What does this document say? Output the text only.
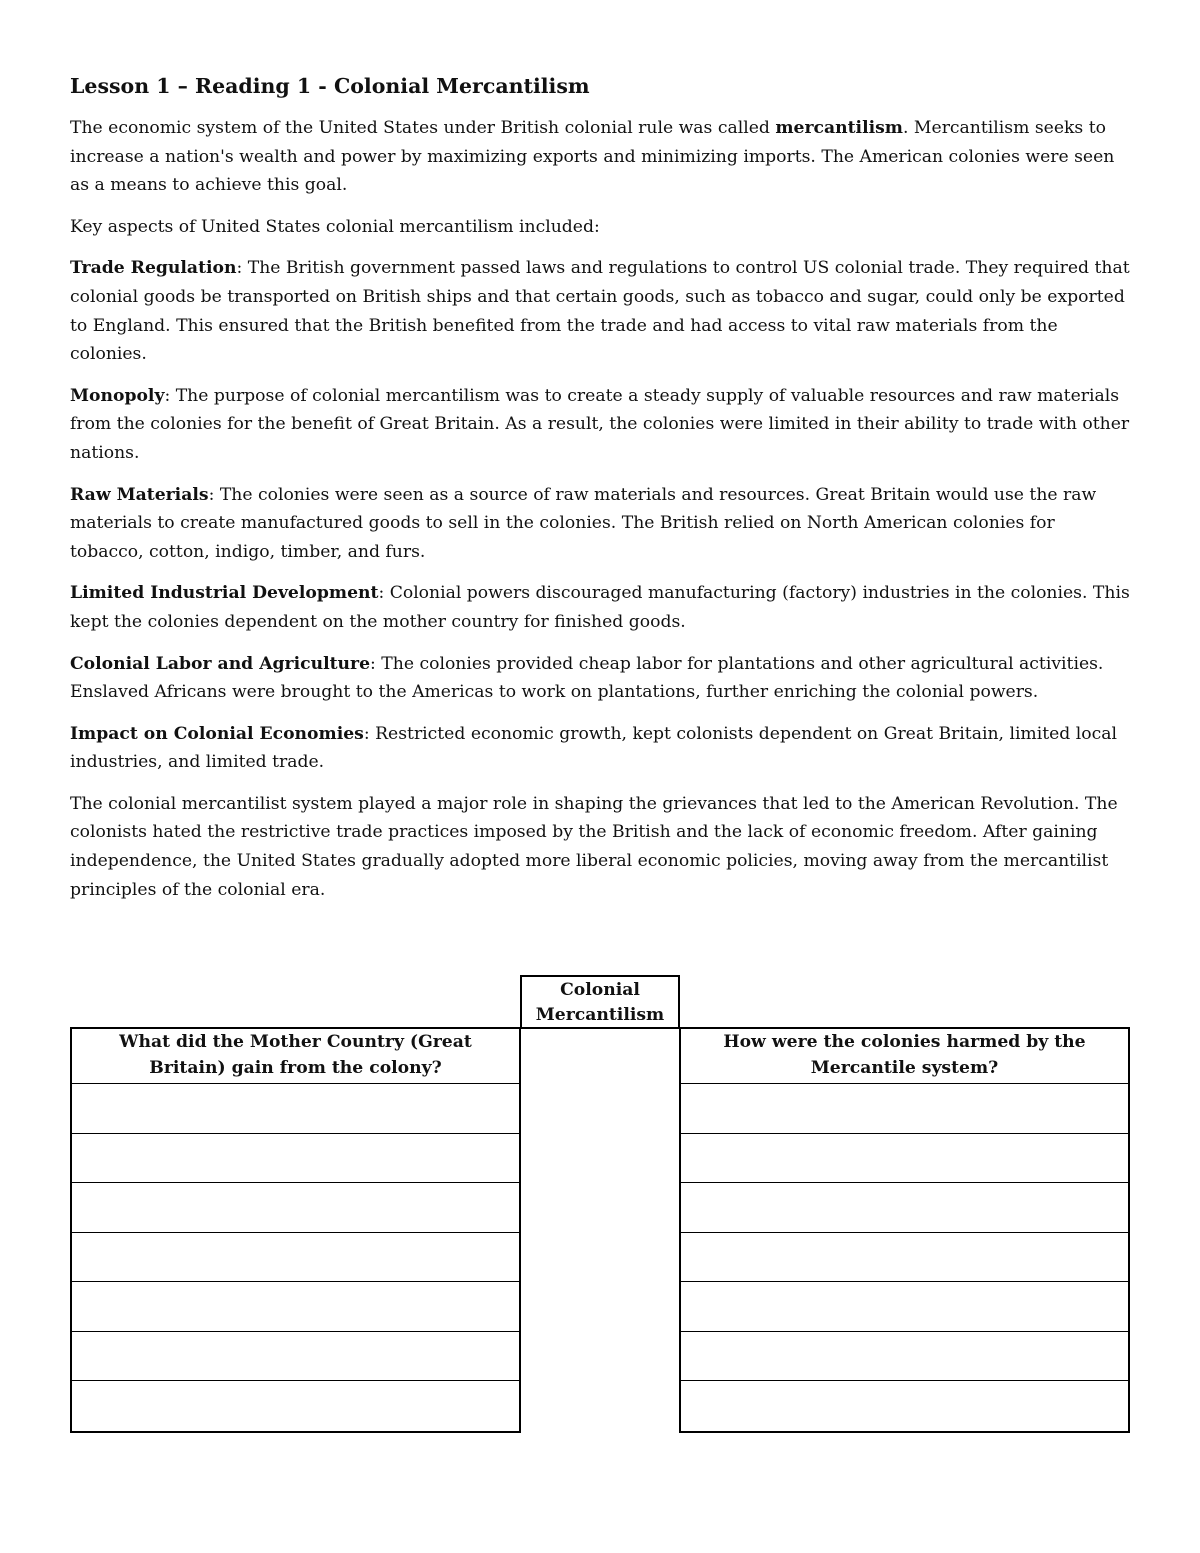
Lesson 1 – Reading 1 - Colonial Mercantilism

The economic system of the United States under British colonial rule was called mercantilism. Mercantilism seeks to increase a nation's wealth and power by maximizing exports and minimizing imports. The American colonies were seen as a means to achieve this goal.

Key aspects of United States colonial mercantilism included:

Trade Regulation: The British government passed laws and regulations to control US colonial trade. They required that colonial goods be transported on British ships and that certain goods, such as tobacco and sugar, could only be exported to England. This ensured that the British benefited from the trade and had access to vital raw materials from the colonies.

Monopoly: The purpose of colonial mercantilism was to create a steady supply of valuable resources and raw materials from the colonies for the benefit of Great Britain. As a result, the colonies were limited in their ability to trade with other nations.

Raw Materials: The colonies were seen as a source of raw materials and resources. Great Britain would use the raw materials to create manufactured goods to sell in the colonies. The British relied on North American colonies for tobacco, cotton, indigo, timber, and furs.

Limited Industrial Development: Colonial powers discouraged manufacturing (factory) industries in the colonies. This kept the colonies dependent on the mother country for finished goods.

Colonial Labor and Agriculture: The colonies provided cheap labor for plantations and other agricultural activities. Enslaved Africans were brought to the Americas to work on plantations, further enriching the colonial powers.

Impact on Colonial Economies: Restricted economic growth, kept colonists dependent on Great Britain, limited local industries, and limited trade.

The colonial mercantilist system played a major role in shaping the grievances that led to the American Revolution. The colonists hated the restrictive trade practices imposed by the British and the lack of economic freedom. After gaining independence, the United States gradually adopted more liberal economic policies, moving away from the mercantilist principles of the colonial era.

Colonial Mercantilism
What did the Mother Country (Great Britain) gain from the colony?
How were the colonies harmed by the Mercantile system?
